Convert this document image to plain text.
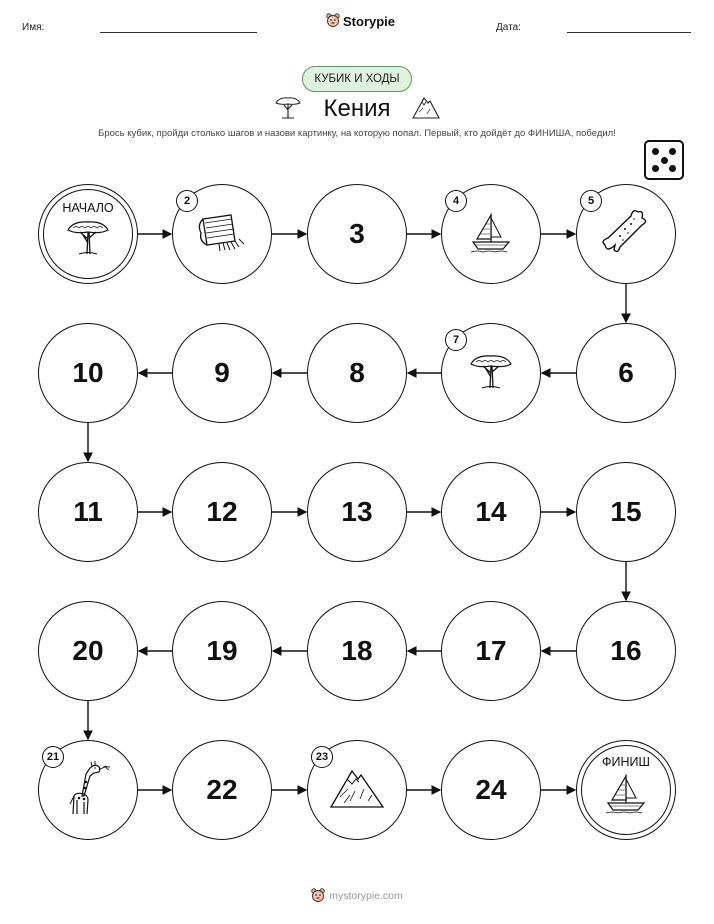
Имя:	Storypie	Дата:
КУБИК И ХОДЫ
Кения
Брось кубик, пройди столько шагов и назови картинку, на которую попал. Первый, кто дойдёт до ФИНИША, победил!
НАЧАЛО	2
3
4	5
6
7
8
9
10
11	12	13	14	15
16
17
18
19
20
21
22
23
24
ФИНИШ
mystorypie.com
